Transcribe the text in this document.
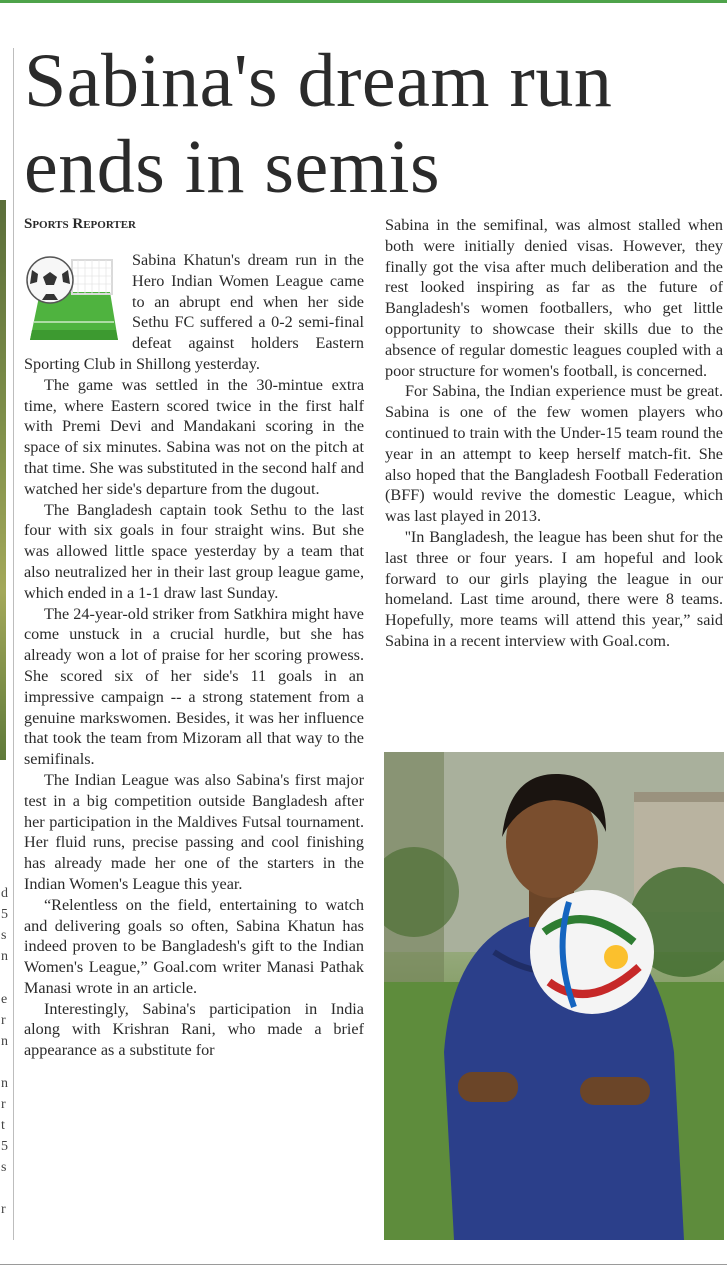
d
5
s
n
e
r
n
n
r
t
5
s
r
Sabina's dream run ends in semis
Sports Reporter

Sabina Khatun's dream run in the Hero Indian Women League came to an abrupt end when her side Sethu FC suffered a 0-2 semi-final defeat against holders Eastern Sporting Club in Shillong yesterday.

The game was settled in the 30-mintue extra time, where Eastern scored twice in the first half with Premi Devi and Mandakani scoring in the space of six minutes. Sabina was not on the pitch at that time. She was substituted in the second half and watched her side's departure from the dugout.

The Bangladesh captain took Sethu to the last four with six goals in four straight wins. But she was allowed little space yesterday by a team that also neutralized her in their last group league game, which ended in a 1-1 draw last Sunday.

The 24-year-old striker from Satkhira might have come unstuck in a crucial hurdle, but she has already won a lot of praise for her scoring prowess. She scored six of her side's 11 goals in an impressive campaign -- a strong statement from a genuine markswomen. Besides, it was her influence that took the team from Mizoram all that way to the semifinals.

The Indian League was also Sabina's first major test in a big competition outside Bangladesh after her participation in the Maldives Futsal tournament. Her fluid runs, precise passing and cool finishing has already made her one of the starters in the Indian Women's League this year.

“Relentless on the field, entertaining to watch and delivering goals so often, Sabina Khatun has indeed proven to be Bangladesh's gift to the Indian Women's League,” Goal.com writer Manasi Pathak Manasi wrote in an article.

Interestingly, Sabina's participation in India along with Krishran Rani, who made a brief appearance as a substitute for

Sabina in the semifinal, was almost stalled when both were initially denied visas. However, they finally got the visa after much deliberation and the rest looked inspiring as far as the future of Bangladesh's women footballers, who get little opportunity to showcase their skills due to the absence of regular domestic leagues coupled with a poor structure for women's football, is concerned.

For Sabina, the Indian experience must be great. Sabina is one of the few women players who continued to train with the Under-15 team round the year in an attempt to keep herself match-fit. She also hoped that the Bangladesh Football Federation (BFF) would revive the domestic League, which was last played in 2013.

''In Bangladesh, the league has been shut for the last three or four years. I am hopeful and look forward to our girls playing the league in our homeland. Last time around, there were 8 teams. Hopefully, more teams will attend this year,” said Sabina in a recent interview with Goal.com.
